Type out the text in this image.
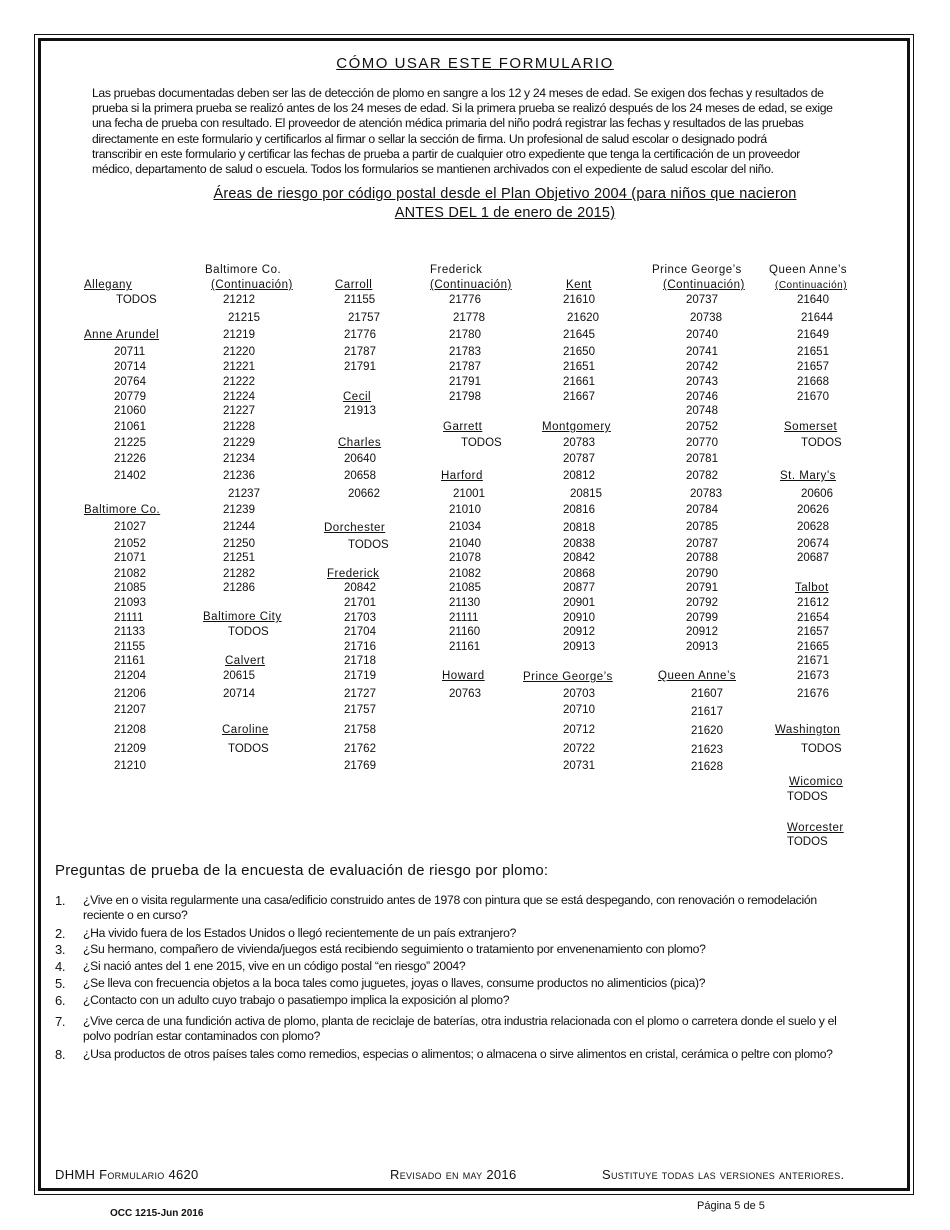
CÓMO USAR ESTE FORMULARIO
Las pruebas documentadas deben ser las de detección de plomo en sangre a los 12 y 24 meses de edad. Se exigen dos fechas y resultados de
prueba si la primera prueba se realizó antes de los 24 meses de edad. Si la primera prueba se realizó después de los 24 meses de edad, se exige
una fecha de prueba con resultado. El proveedor de atención médica primaria del niño podrá registrar las fechas y resultados de las pruebas
directamente en este formulario y certificarlos al firmar o sellar la sección de firma. Un profesional de salud escolar o designado podrá
transcribir en este formulario y certificar las fechas de prueba a partir de cualquier otro expediente que tenga la certificación de un proveedor
médico, departamento de salud o escuela. Todos los formularios se mantienen archivados con el expediente de salud escolar del niño.
Áreas de riesgo por código postal desde el Plan Objetivo 2004 (para niños que nacieron
ANTES DEL 1 de enero de 2015)
Allegany
TODOS
Anne Arundel
20711
20714
20764
20779
21060
21061
21225
21226
21402
Baltimore Co.
21027
21052
21071
21082
21085
21093
21111
21133
21155
21161
21204
21206
21207
21208
21209
21210
Baltimore Co.
(Continuación)
21212
21215
21219
21220
21221
21222
21224
21227
21228
21229
21234
21236
21237
21239
21244
21250
21251
21282
21286
Baltimore City
TODOS
Calvert
20615
20714
Caroline
TODOS
Carroll
21155
21757
21776
21787
21791
Cecil
21913
Charles
20640
20658
20662
Dorchester
TODOS
Frederick
20842
21701
21703
21704
21716
21718
21719
21727
21757
21758
21762
21769
Frederick
(Continuación)
21776
21778
21780
21783
21787
21791
21798
Garrett
TODOS
Harford
21001
21010
21034
21040
21078
21082
21085
21130
21111
21160
21161
Howard
20763
Kent
21610
21620
21645
21650
21651
21661
21667
Montgomery
20783
20787
20812
20815
20816
20818
20838
20842
20868
20877
20901
20910
20912
20913
Prince George’s
20703
20710
20712
20722
20731
Prince George’s
(Continuación)
20737
20738
20740
20741
20742
20743
20746
20748
20752
20770
20781
20782
20783
20784
20785
20787
20788
20790
20791
20792
20799
20912
20913
Queen Anne’s
21607
21617
21620
21623
21628
Queen Anne’s
(Continuación)
21640
21644
21649
21651
21657
21668
21670
Somerset
TODOS
St. Mary’s
20606
20626
20628
20674
20687
Talbot
21612
21654
21657
21665
21671
21673
21676
Washington
TODOS
Wicomico
TODOS
Worcester
TODOS
Preguntas de prueba de la encuesta de evaluación de riesgo por plomo:
1. ¿Vive en o visita regularmente una casa/edificio construido antes de 1978 con pintura que se está despegando, con renovación o remodelación reciente o en curso?
2. ¿Ha vivido fuera de los Estados Unidos o llegó recientemente de un país extranjero?
3. ¿Su hermano, compañero de vivienda/juegos está recibiendo seguimiento o tratamiento por envenenamiento con plomo?
4. ¿Si nació antes del 1 ene 2015, vive en un código postal “en riesgo” 2004?
5. ¿Se lleva con frecuencia objetos a la boca tales como juguetes, joyas o llaves, consume productos no alimenticios (pica)?
6. ¿Contacto con un adulto cuyo trabajo o pasatiempo implica la exposición al plomo?
7. ¿Vive cerca de una fundición activa de plomo, planta de reciclaje de baterías, otra industria relacionada con el plomo o carretera donde el suelo y el polvo podrían estar contaminados con plomo?
8. ¿Usa productos de otros países tales como remedios, especias o alimentos; o almacena o sirve alimentos en cristal, cerámica o peltre con plomo?
DHMH Formulario 4620	Revisado en may 2016	Sustituye todas las versiones anteriores.
Página 5 de 5
OCC 1215-Jun 2016
